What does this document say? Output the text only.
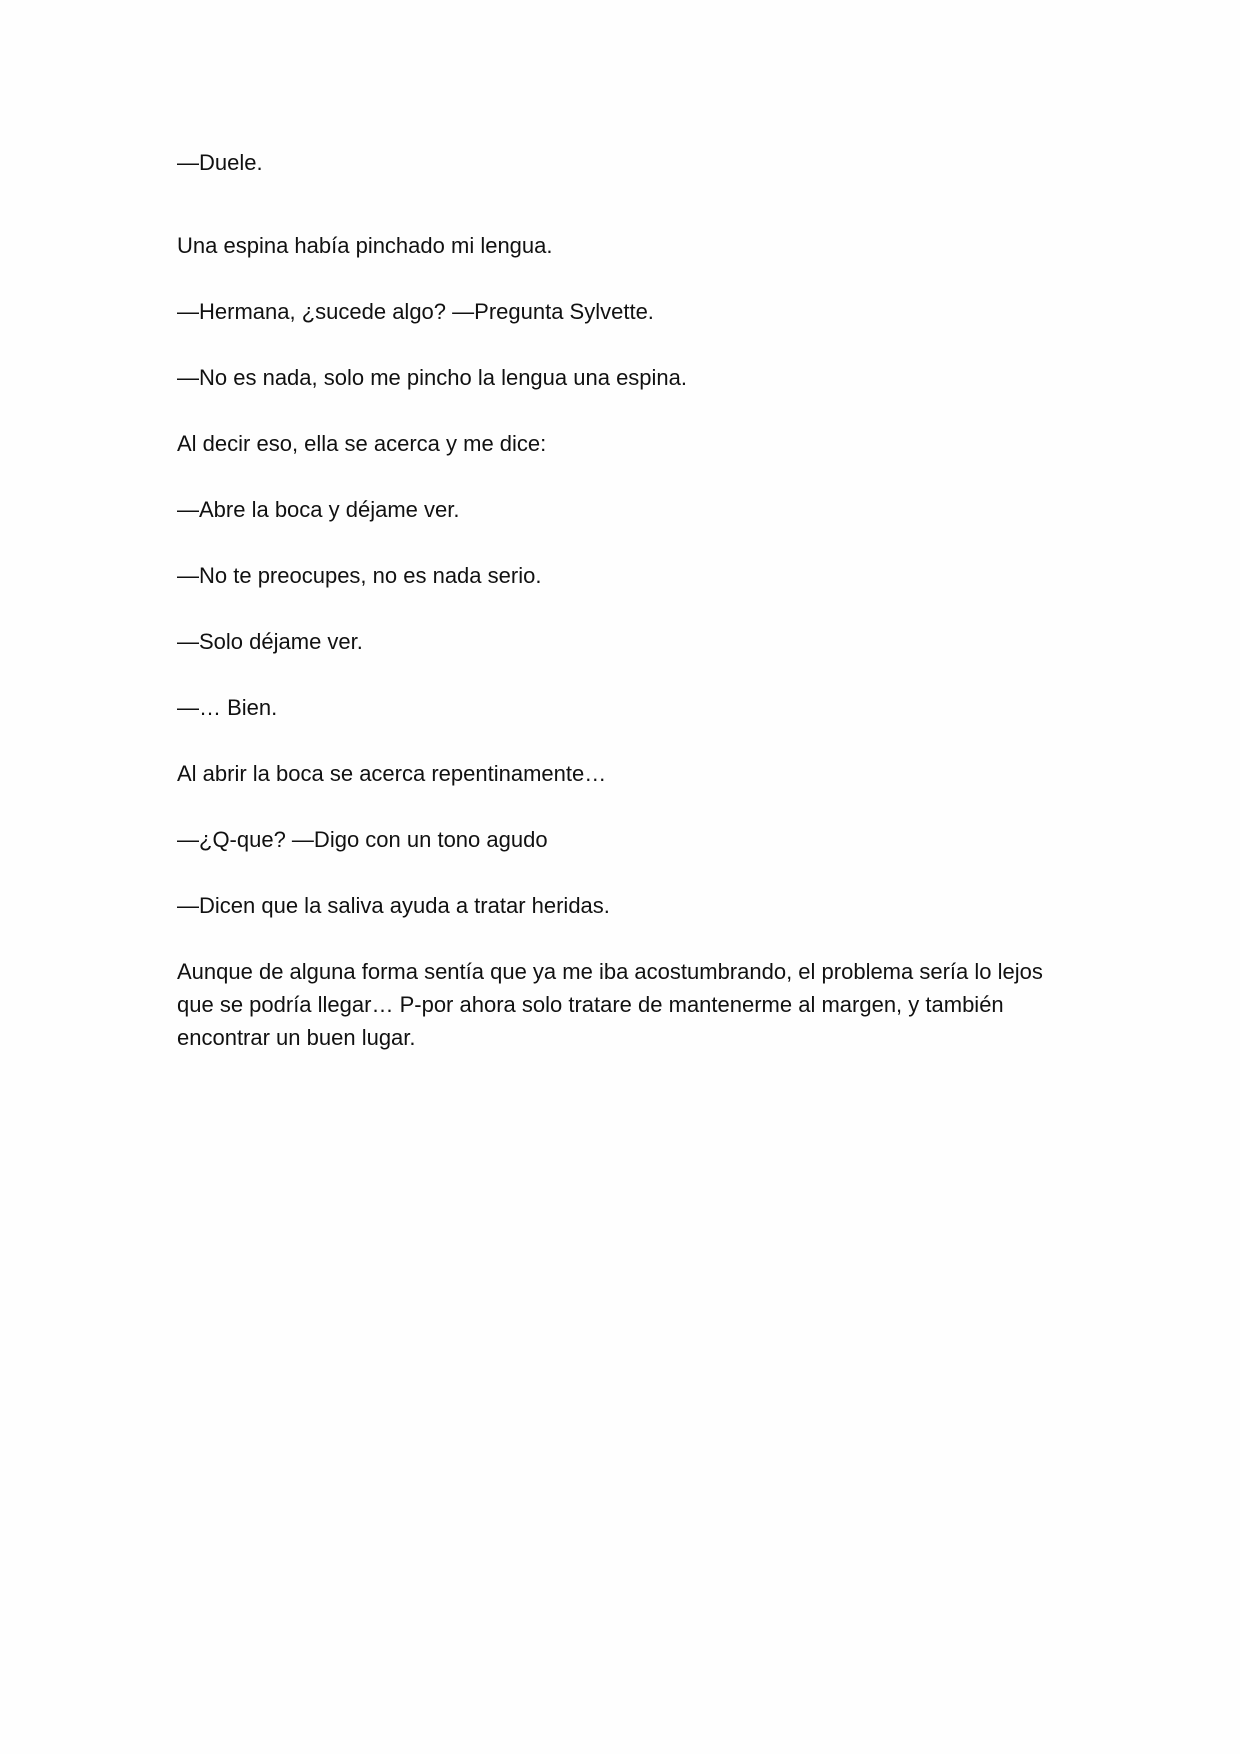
—Duele.

Una espina había pinchado mi lengua.

—Hermana, ¿sucede algo? —Pregunta Sylvette.

—No es nada, solo me pincho la lengua una espina.

Al decir eso, ella se acerca y me dice:

—Abre la boca y déjame ver.

—No te preocupes, no es nada serio.

—Solo déjame ver.

—… Bien.

Al abrir la boca se acerca repentinamente…

—¿Q-que? —Digo con un tono agudo

—Dicen que la saliva ayuda a tratar heridas.

Aunque de alguna forma sentía que ya me iba acostumbrando, el problema sería lo lejos que se podría llegar… P-por ahora solo tratare de mantenerme al margen, y también encontrar un buen lugar.
